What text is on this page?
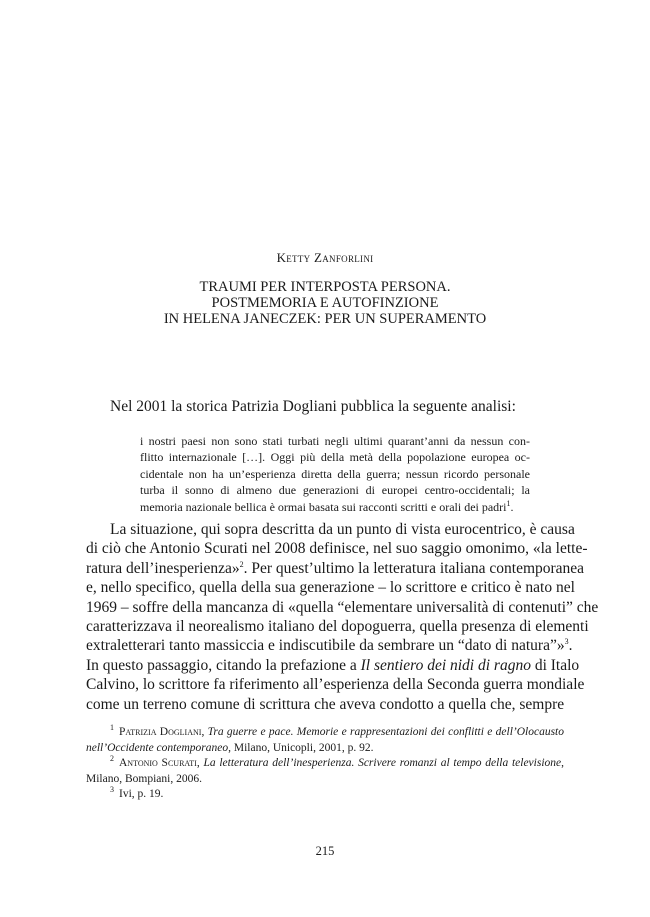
Ketty Zanforlini
TRAUMI PER INTERPOSTA PERSONA.
POSTMEMORIA E AUTOFINZIONE
IN HELENA JANECZEK: PER UN SUPERAMENTO
Nel 2001 la storica Patrizia Dogliani pubblica la seguente analisi:
i nostri paesi non sono stati turbati negli ultimi quarant’anni da nessun con-
flitto internazionale […]. Oggi più della metà della popolazione europea oc-
cidentale non ha un’esperienza diretta della guerra; nessun ricordo personale
turba il sonno di almeno due generazioni di europei centro-occidentali; la
memoria nazionale bellica è ormai basata sui racconti scritti e orali dei padri$^1$.
La situazione, qui sopra descritta da un punto di vista eurocentrico, è causa
di ciò che Antonio Scurati nel 2008 definisce, nel suo saggio omonimo, «la lette-
ratura dell’inesperienza»$^2$. Per quest’ultimo la letteratura italiana contemporanea
e, nello specifico, quella della sua generazione – lo scrittore e critico è nato nel
1969 – soffre della mancanza di «quella “elementare universalità di contenuti” che
caratterizzava il neorealismo italiano del dopoguerra, quella presenza di elementi
extraletterari tanto massiccia e indiscutibile da sembrare un “dato di natura”»$^3$.
In questo passaggio, citando la prefazione a Il sentiero dei nidi di ragno di Italo
Calvino, lo scrittore fa riferimento all’esperienza della Seconda guerra mondiale
come un terreno comune di scrittura che aveva condotto a quella che, sempre
$^1$ Patrizia Dogliani, Tra guerre e pace. Memorie e rappresentazioni dei conflitti e dell’Olocausto
nell’Occidente contemporaneo, Milano, Unicopli, 2001, p. 92.
$^2$ Antonio Scurati, La letteratura dell’inesperienza. Scrivere romanzi al tempo della televisione,
Milano, Bompiani, 2006.
$^3$ Ivi, p. 19.
215
